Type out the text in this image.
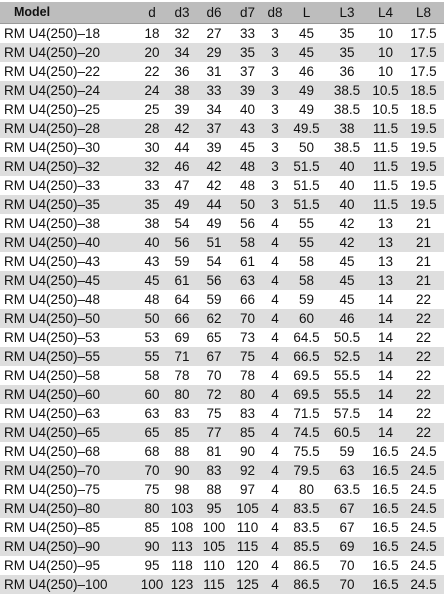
Model	d	d3	d6	d7	d8	L	L3	L4	L8
RM U4(250)–18	18	32	27	33	3	45	35	10	17.5
RM U4(250)–20	20	34	29	35	3	45	35	10	17.5
RM U4(250)–22	22	36	31	37	3	46	36	10	17.5
RM U4(250)–24	24	38	33	39	3	49	38.5	10.5	18.5
RM U4(250)–25	25	39	34	40	3	49	38.5	10.5	18.5
RM U4(250)–28	28	42	37	43	3	49.5	38	11.5	19.5
RM U4(250)–30	30	44	39	45	3	50	38.5	11.5	19.5
RM U4(250)–32	32	46	42	48	3	51.5	40	11.5	19.5
RM U4(250)–33	33	47	42	48	3	51.5	40	11.5	19.5
RM U4(250)–35	35	49	44	50	3	51.5	40	11.5	19.5
RM U4(250)–38	38	54	49	56	4	55	42	13	21
RM U4(250)–40	40	56	51	58	4	55	42	13	21
RM U4(250)–43	43	59	54	61	4	58	45	13	21
RM U4(250)–45	45	61	56	63	4	58	45	13	21
RM U4(250)–48	48	64	59	66	4	59	45	14	22
RM U4(250)–50	50	66	62	70	4	60	46	14	22
RM U4(250)–53	53	69	65	73	4	64.5	50.5	14	22
RM U4(250)–55	55	71	67	75	4	66.5	52.5	14	22
RM U4(250)–58	58	78	70	78	4	69.5	55.5	14	22
RM U4(250)–60	60	80	72	80	4	69.5	55.5	14	22
RM U4(250)–63	63	83	75	83	4	71.5	57.5	14	22
RM U4(250)–65	65	85	77	85	4	74.5	60.5	14	22
RM U4(250)–68	68	88	81	90	4	75.5	59	16.5	24.5
RM U4(250)–70	70	90	83	92	4	79.5	63	16.5	24.5
RM U4(250)–75	75	98	88	97	4	80	63.5	16.5	24.5
RM U4(250)–80	80	103	95	105	4	83.5	67	16.5	24.5
RM U4(250)–85	85	108	100	110	4	83.5	67	16.5	24.5
RM U4(250)–90	90	113	105	115	4	85.5	69	16.5	24.5
RM U4(250)–95	95	118	110	120	4	86.5	70	16.5	24.5
RM U4(250)–100	100	123	115	125	4	86.5	70	16.5	24.5
